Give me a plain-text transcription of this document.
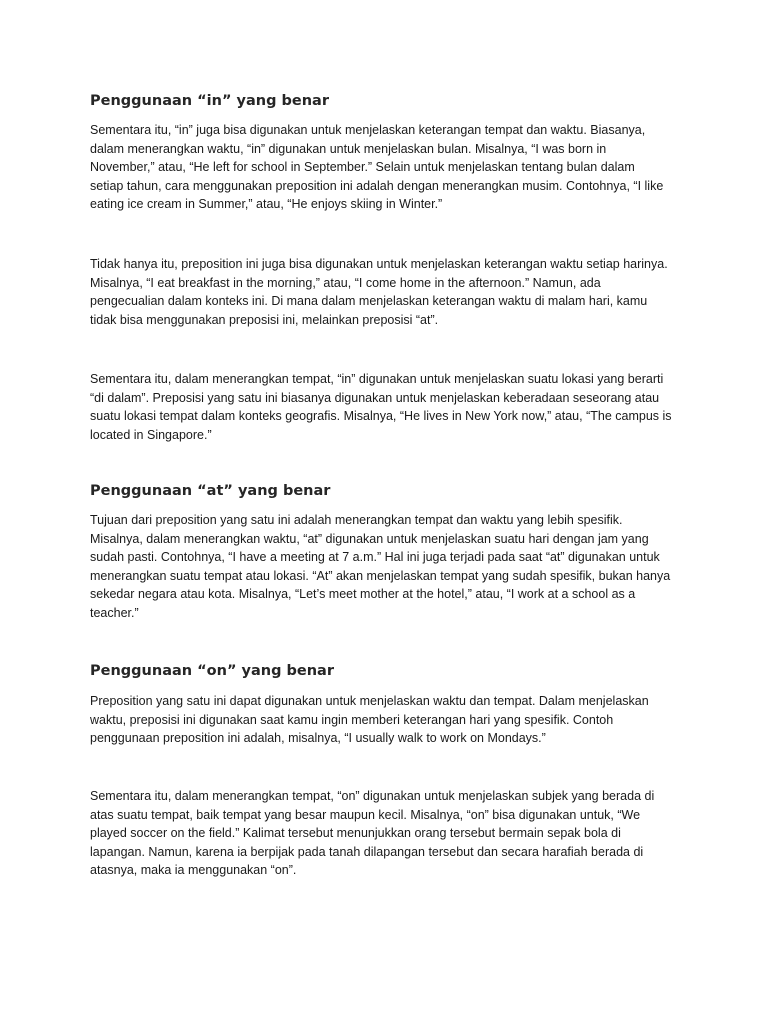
Penggunaan “in” yang benar

Sementara itu, “in” juga bisa digunakan untuk menjelaskan keterangan tempat dan waktu. Biasanya,
dalam menerangkan waktu, “in” digunakan untuk menjelaskan bulan. Misalnya, “I was born in
November,” atau, “He left for school in September.” Selain untuk menjelaskan tentang bulan dalam
setiap tahun, cara menggunakan preposition ini adalah dengan menerangkan musim. Contohnya, “I like
eating ice cream in Summer,” atau, “He enjoys skiing in Winter.”

Tidak hanya itu, preposition ini juga bisa digunakan untuk menjelaskan keterangan waktu setiap harinya.
Misalnya, “I eat breakfast in the morning,” atau, “I come home in the afternoon.” Namun, ada
pengecualian dalam konteks ini. Di mana dalam menjelaskan keterangan waktu di malam hari, kamu
tidak bisa menggunakan preposisi ini, melainkan preposisi “at”.

Sementara itu, dalam menerangkan tempat, “in” digunakan untuk menjelaskan suatu lokasi yang berarti
“di dalam”. Preposisi yang satu ini biasanya digunakan untuk menjelaskan keberadaan seseorang atau
suatu lokasi tempat dalam konteks geografis. Misalnya, “He lives in New York now,” atau, “The campus is
located in Singapore.”

Penggunaan “at” yang benar

Tujuan dari preposition yang satu ini adalah menerangkan tempat dan waktu yang lebih spesifik.
Misalnya, dalam menerangkan waktu, “at” digunakan untuk menjelaskan suatu hari dengan jam yang
sudah pasti. Contohnya, “I have a meeting at 7 a.m.” Hal ini juga terjadi pada saat “at” digunakan untuk
menerangkan suatu tempat atau lokasi. “At” akan menjelaskan tempat yang sudah spesifik, bukan hanya
sekedar negara atau kota. Misalnya, “Let’s meet mother at the hotel,” atau, “I work at a school as a
teacher.”

Penggunaan “on” yang benar

Preposition yang satu ini dapat digunakan untuk menjelaskan waktu dan tempat. Dalam menjelaskan
waktu, preposisi ini digunakan saat kamu ingin memberi keterangan hari yang spesifik. Contoh
penggunaan preposition ini adalah, misalnya, “I usually walk to work on Mondays.”

Sementara itu, dalam menerangkan tempat, “on” digunakan untuk menjelaskan subjek yang berada di
atas suatu tempat, baik tempat yang besar maupun kecil. Misalnya, “on” bisa digunakan untuk, “We
played soccer on the field.” Kalimat tersebut menunjukkan orang tersebut bermain sepak bola di
lapangan. Namun, karena ia berpijak pada tanah dilapangan tersebut dan secara harafiah berada di
atasnya, maka ia menggunakan “on”.
